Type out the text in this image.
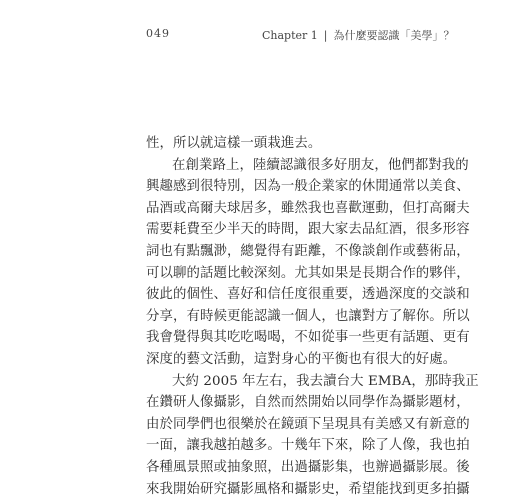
049	Chapter 1 | 為什麼要認識「美學」？
性，所以就這樣一頭栽進去。
在創業路上，陸續認識很多好朋友，他們都對我的
興趣感到很特別，因為一般企業家的休閒通常以美食、
品酒或高爾夫球居多，雖然我也喜歡運動，但打高爾夫
需要耗費至少半天的時間，跟大家去品紅酒，很多形容
詞也有點飄渺，總覺得有距離，不像談創作或藝術品，
可以聊的話題比較深刻。尤其如果是長期合作的夥伴，
彼此的個性、喜好和信任度很重要，透過深度的交談和
分享，有時候更能認識一個人，也讓對方了解你。所以
我會覺得與其吃吃喝喝，不如從事一些更有話題、更有
深度的藝文活動，這對身心的平衡也有很大的好處。
大約 2005 年左右，我去讀台大 EMBA，那時我正
在鑽研人像攝影，自然而然開始以同學作為攝影題材，
由於同學們也很樂於在鏡頭下呈現具有美感又有新意的
一面，讓我越拍越多。十幾年下來，除了人像，我也拍
各種風景照或抽象照，出過攝影集，也辦過攝影展。後
來我開始研究攝影風格和攝影史，希望能找到更多拍攝
